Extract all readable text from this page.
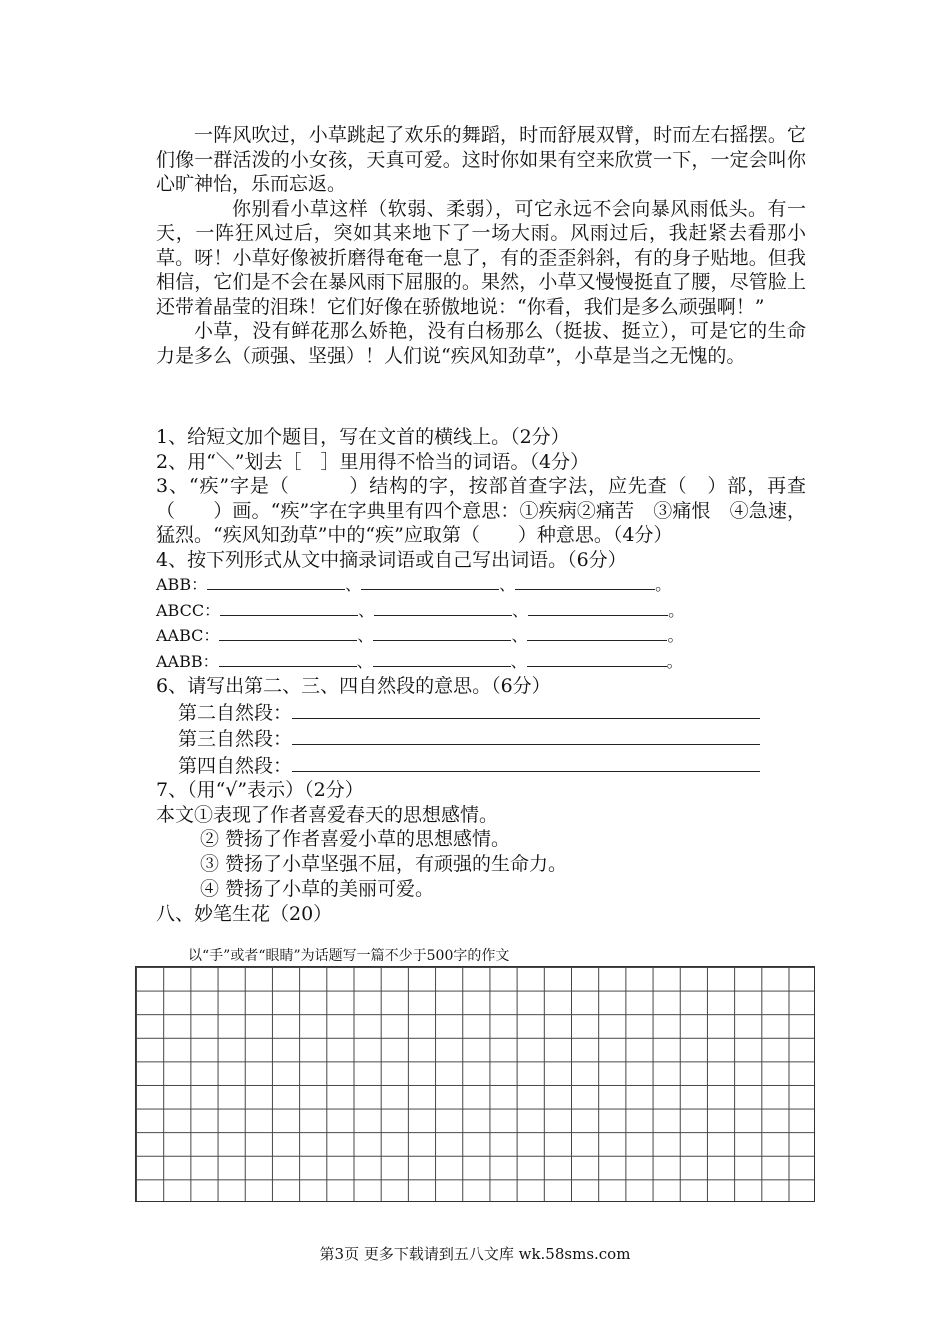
一阵风吹过，小草跳起了欢乐的舞蹈，时而舒展双臂，时而左右摇摆。它们像一群活泼的小女孩，天真可爱。这时你如果有空来欣赏一下，一定会叫你心旷神怡，乐而忘返。

你别看小草这样（软弱、柔弱），可它永远不会向暴风雨低头。有一天，一阵狂风过后，突如其来地下了一场大雨。风雨过后，我赶紧去看那小草。呀！小草好像被折磨得奄奄一息了，有的歪歪斜斜，有的身子贴地。但我相信，它们是不会在暴风雨下屈服的。果然，小草又慢慢挺直了腰，尽管脸上还带着晶莹的泪珠！它们好像在骄傲地说：“你看，我们是多么顽强啊！”

小草，没有鲜花那么娇艳，没有白杨那么（挺拔、挺立），可是它的生命力是多么（顽强、坚强）！人们说“疾风知劲草”，小草是当之无愧的。

1、给短文加个题目，写在文首的横线上。（2分）

2、用“＼”划去［　］里用得不恰当的词语。（4分）

3、“疾”字是（　　　）结构的字，按部首查字法，应先查（　）部，再查（　　）画。“疾”字在字典里有四个意思：①疾病②痛苦　③痛恨　④急速，猛烈。“疾风知劲草”中的“疾”应取第（　　）种意思。（4分）

4、按下列形式从文中摘录词语或自己写出词语。（6分）

ABB：	、	、	。

ABCC：	、	、	。

AABC：	、	、	。

AABB：	、	、	。

6、请写出第二、三、四自然段的意思。（6分）

第二自然段：

第三自然段：

第四自然段：

7、（用“√”表示）（2分）

本文①表现了作者喜爱春天的思想感情。

② 赞扬了作者喜爱小草的思想感情。

③ 赞扬了小草坚强不屈，有顽强的生命力。

④ 赞扬了小草的美丽可爱。

八、妙笔生花（20）

以“手”或者“眼睛”为话题写一篇不少于500字的作文
第3页 更多下载请到五八文库 wk.58sms.com
